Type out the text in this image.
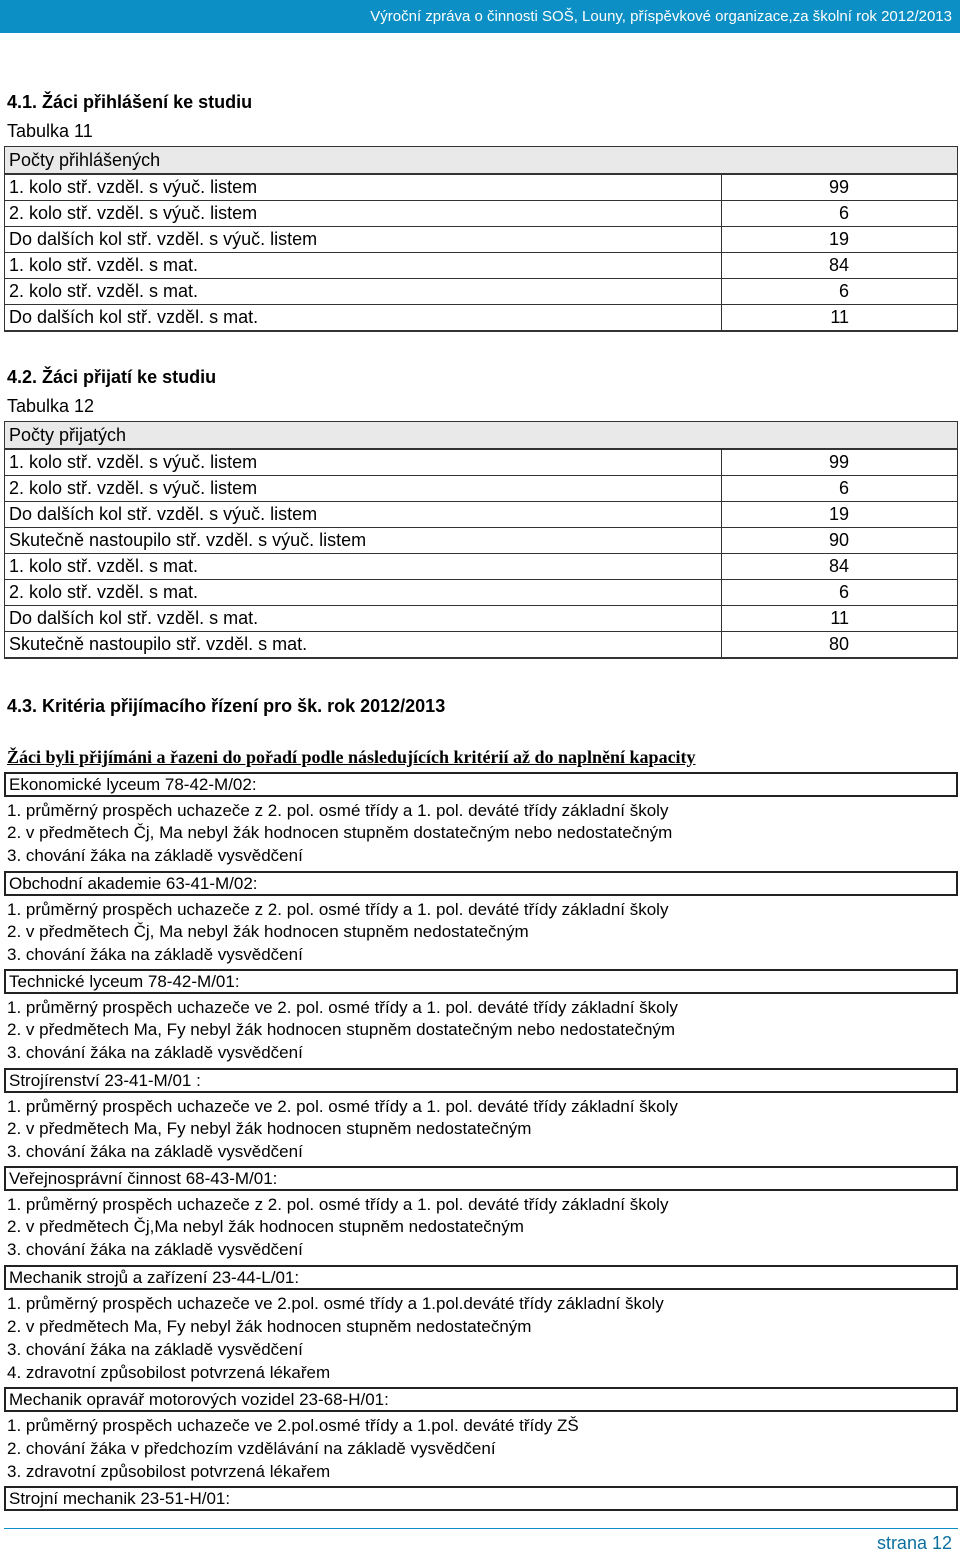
Výroční zpráva o činnosti SOŠ, Louny, příspěvkové organizace,za školní rok 2012/2013
4.1. Žáci přihlášení ke studiu
Tabulka 11
Počty přihlášených
1. kolo stř. vzděl. s výuč. listem	99
2. kolo stř. vzděl. s výuč. listem	6
Do dalších kol stř. vzděl. s výuč. listem	19
1. kolo stř. vzděl. s mat.	84
2. kolo stř. vzděl. s mat.	6
Do dalších kol stř. vzděl. s mat.	11
4.2. Žáci přijatí ke studiu
Tabulka 12
Počty přijatých
1. kolo stř. vzděl. s výuč. listem	99
2. kolo stř. vzděl. s výuč. listem	6
Do dalších kol stř. vzděl. s výuč. listem	19
Skutečně nastoupilo stř. vzděl. s výuč. listem	90
1. kolo stř. vzděl. s mat.	84
2. kolo stř. vzděl. s mat.	6
Do dalších kol stř. vzděl. s mat.	11
Skutečně nastoupilo stř. vzděl. s mat.	80
4.3. Kritéria přijímacího řízení pro šk. rok 2012/2013
Žáci byli přijímáni a řazeni do pořadí podle následujících kritérií až do naplnění kapacity
Ekonomické lyceum 78-42-M/02:
1. průměrný prospěch uchazeče z 2. pol. osmé třídy a 1. pol. deváté třídy základní školy
2. v předmětech Čj, Ma nebyl žák hodnocen stupněm dostatečným nebo nedostatečným
3. chování žáka na základě vysvědčení
Obchodní akademie 63-41-M/02:
1. průměrný prospěch uchazeče z 2. pol. osmé třídy a 1. pol. deváté třídy základní školy
2. v předmětech Čj, Ma nebyl žák hodnocen stupněm nedostatečným
3. chování žáka na základě vysvědčení
Technické lyceum 78-42-M/01:
1. průměrný prospěch uchazeče ve 2. pol. osmé třídy a 1. pol. deváté třídy základní školy
2. v předmětech Ma, Fy nebyl žák hodnocen stupněm dostatečným nebo nedostatečným
3. chování žáka na základě vysvědčení
Strojírenství 23-41-M/01 :
1. průměrný prospěch uchazeče ve 2. pol. osmé třídy a 1. pol. deváté třídy základní školy
2. v předmětech Ma, Fy nebyl žák hodnocen stupněm nedostatečným
3. chování žáka na základě vysvědčení
Veřejnosprávní činnost 68-43-M/01:
1. průměrný prospěch uchazeče z 2. pol. osmé třídy a 1. pol. deváté třídy základní školy
2. v předmětech Čj,Ma nebyl žák hodnocen stupněm nedostatečným
3. chování žáka na základě vysvědčení
Mechanik strojů a zařízení 23-44-L/01:
1. průměrný prospěch uchazeče ve 2.pol. osmé třídy a 1.pol.deváté třídy základní školy
2. v předmětech Ma, Fy nebyl žák hodnocen stupněm nedostatečným
3. chování žáka na základě vysvědčení
4. zdravotní způsobilost potvrzená lékařem
Mechanik opravář motorových vozidel 23-68-H/01:
1. průměrný prospěch uchazeče ve 2.pol.osmé třídy a 1.pol. deváté třídy ZŠ
2. chování žáka v předchozím vzdělávání na základě vysvědčení
3. zdravotní způsobilost potvrzená lékařem
Strojní mechanik 23-51-H/01:
strana 12
